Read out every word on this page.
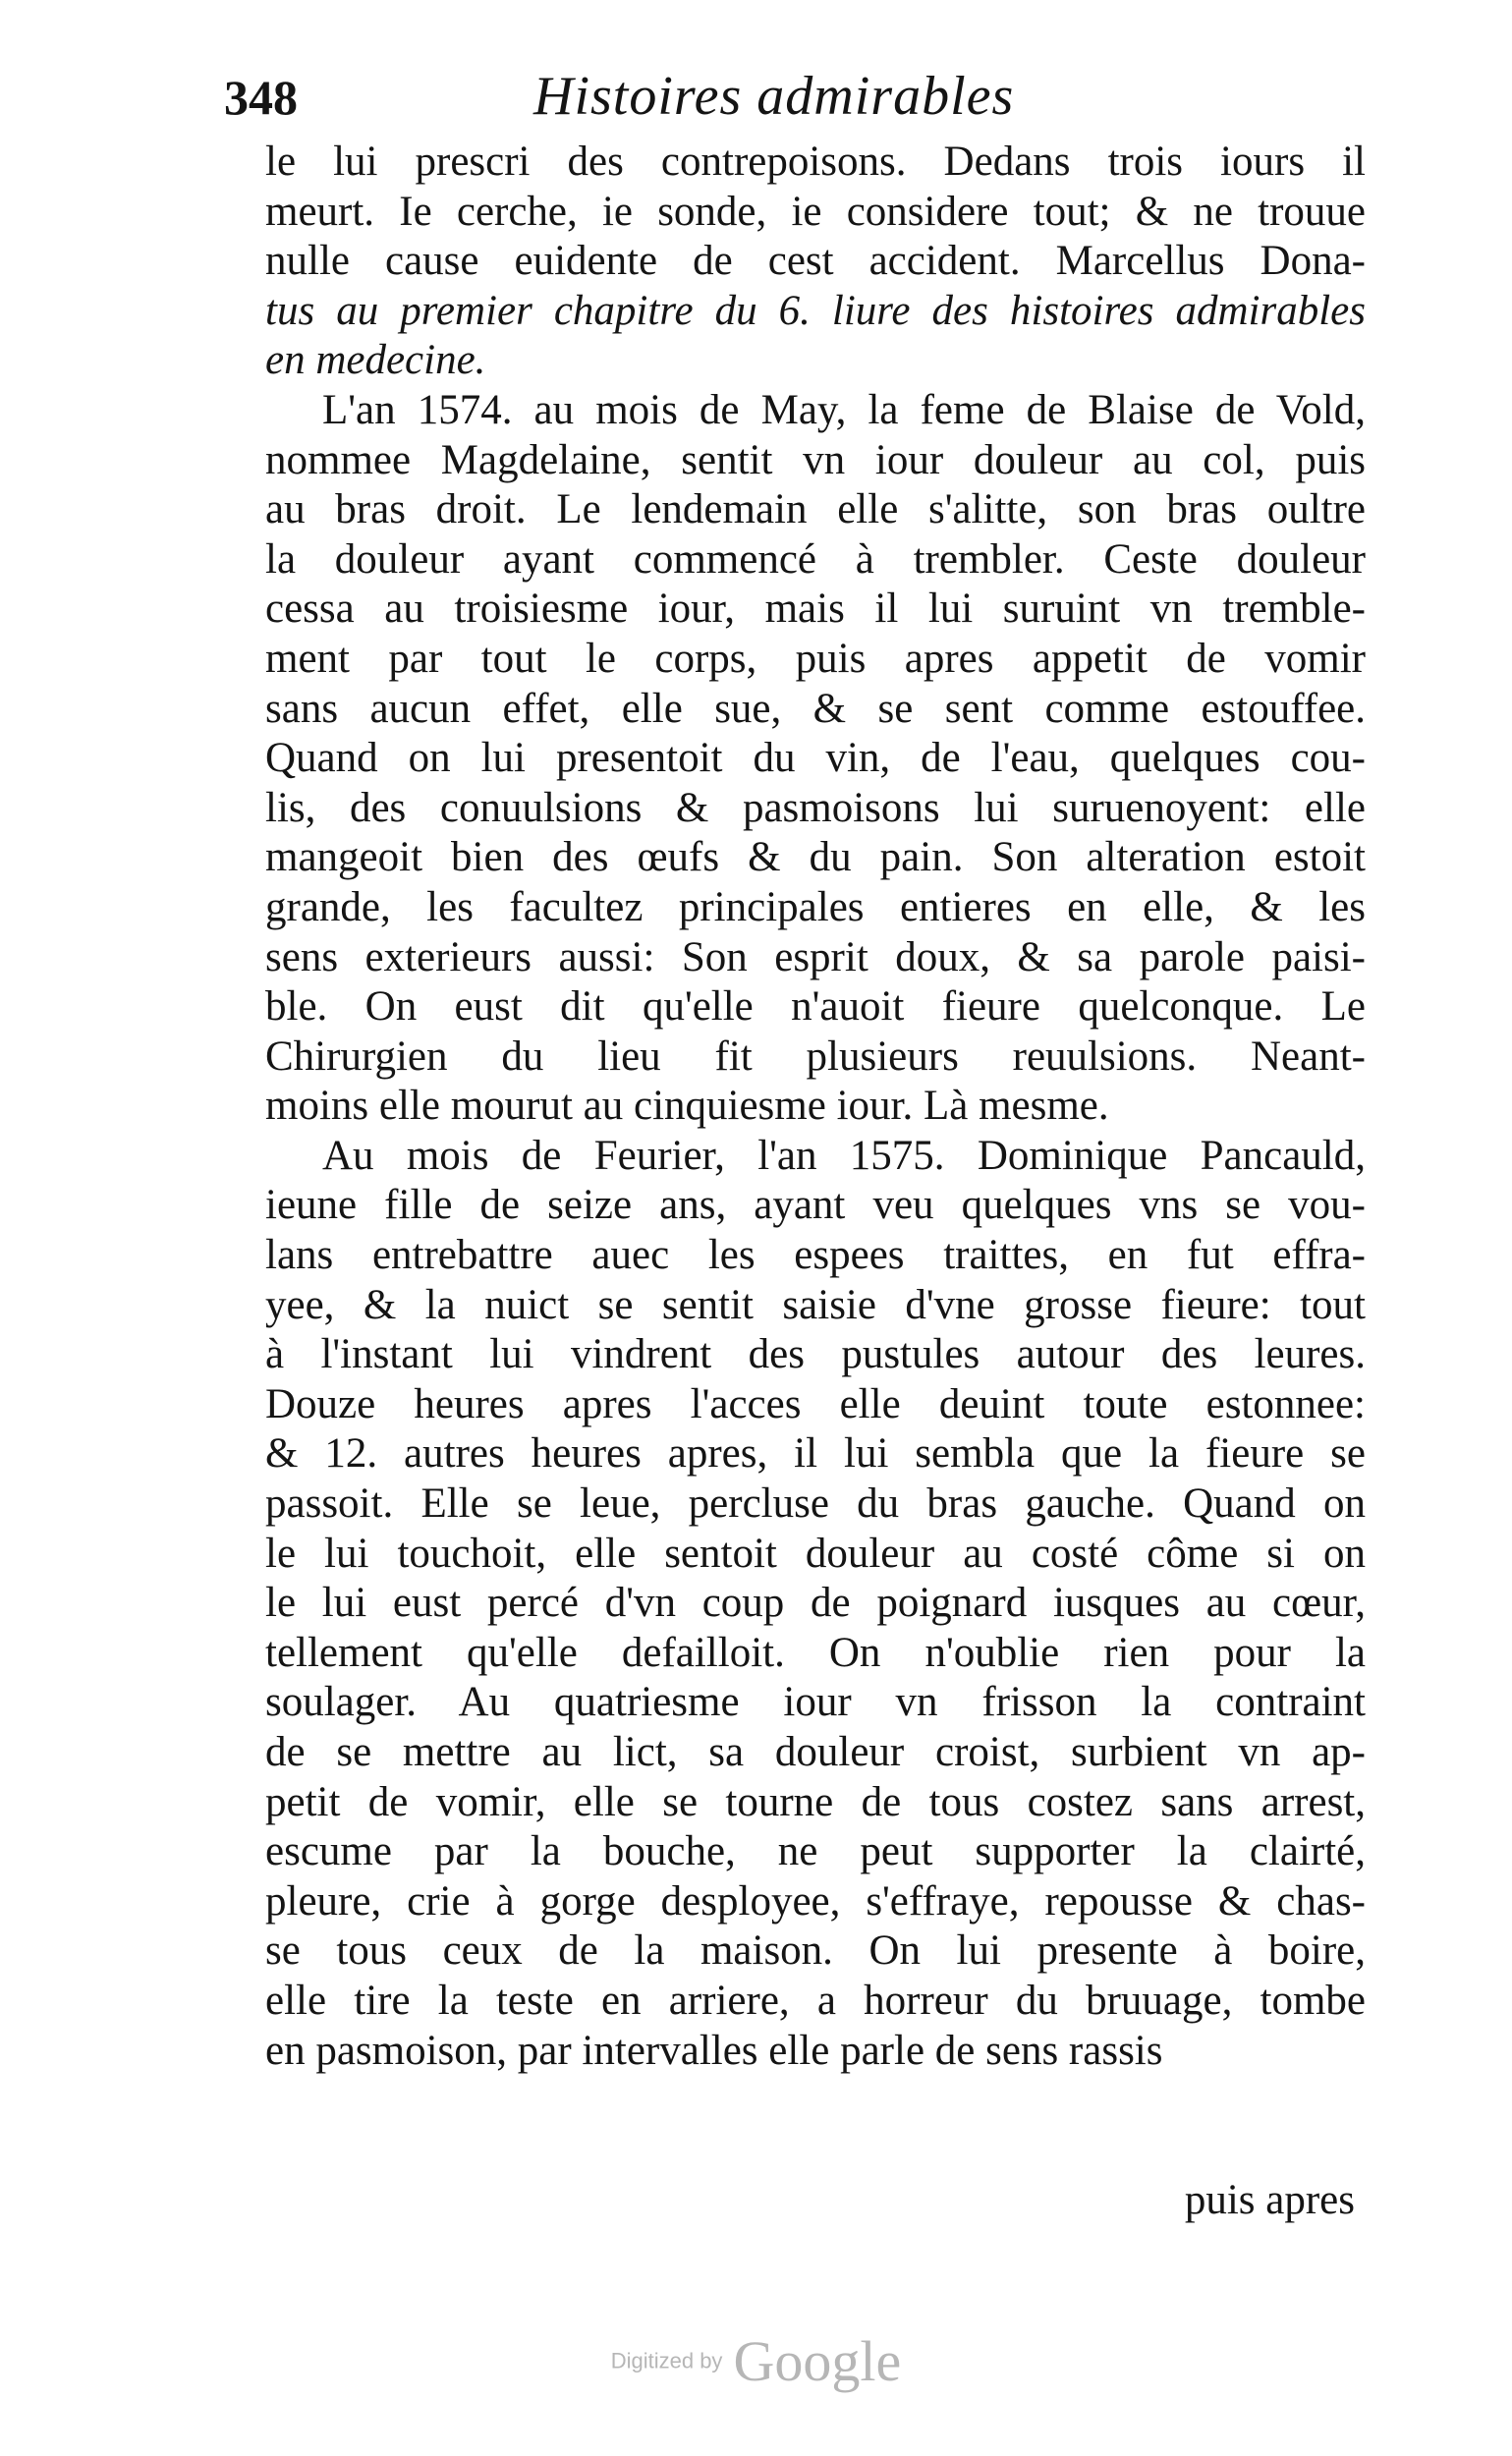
348	Histoires admirables
le lui prescri des contrepoisons. Dedans trois iours il
meurt. Ie cerche, ie sonde, ie considere tout; & ne trouue
nulle cause euidente de cest accident. Marcellus Dona-
tus au premier chapitre du 6. liure des histoires admirables
en medecine.
L'an 1574. au mois de May, la feme de Blaise de Vold,
nommee Magdelaine, sentit vn iour douleur au col, puis
au bras droit. Le lendemain elle s'alitte, son bras oultre
la douleur ayant commencé à trembler. Ceste douleur
cessa au troisiesme iour, mais il lui suruint vn tremble-
ment par tout le corps, puis apres appetit de vomir
sans aucun effet, elle sue, & se sent comme estouffee.
Quand on lui presentoit du vin, de l'eau, quelques cou-
lis, des conuulsions & pasmoisons lui suruenoyent: elle
mangeoit bien des œufs & du pain. Son alteration estoit
grande, les facultez principales entieres en elle, & les
sens exterieurs aussi: Son esprit doux, & sa parole paisi-
ble. On eust dit qu'elle n'auoit fieure quelconque. Le
Chirurgien du lieu fit plusieurs reuulsions. Neant-
moins elle mourut au cinquiesme iour. Là mesme.
Au mois de Feurier, l'an 1575. Dominique Pancauld,
ieune fille de seize ans, ayant veu quelques vns se vou-
lans entrebattre auec les espees traittes, en fut effra-
yee, & la nuict se sentit saisie d'vne grosse fieure: tout
à l'instant lui vindrent des pustules autour des leures.
Douze heures apres l'acces elle deuint toute estonnee:
& 12. autres heures apres, il lui sembla que la fieure se
passoit. Elle se leue, percluse du bras gauche. Quand on
le lui touchoit, elle sentoit douleur au costé côme si on
le lui eust percé d'vn coup de poignard iusques au cœur,
tellement qu'elle defailloit. On n'oublie rien pour la
soulager. Au quatriesme iour vn frisson la contraint
de se mettre au lict, sa douleur croist, surbient vn ap-
petit de vomir, elle se tourne de tous costez sans arrest,
escume par la bouche, ne peut supporter la clairté,
pleure, crie à gorge desployee, s'effraye, repousse & chas-
se tous ceux de la maison. On lui presente à boire,
elle tire la teste en arriere, a horreur du bruuage, tombe
en pasmoison, par intervalles elle parle de sens rassis
puis apres
Digitized by Google
